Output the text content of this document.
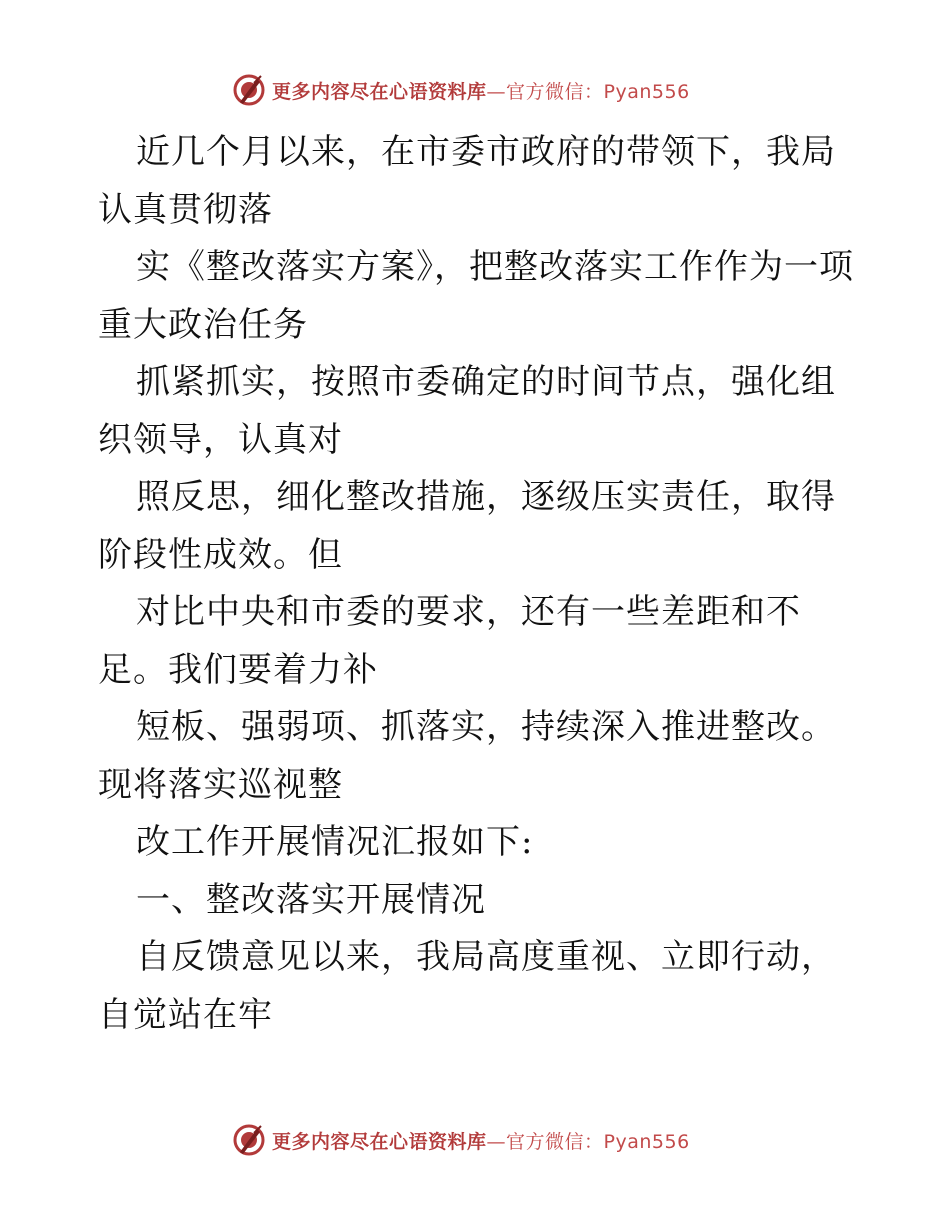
更多内容尽在心语资料库—官方微信：Pyan556

近几个月以来，在市委市政府的带领下，我局认真贯彻落

实《整改落实方案》，把整改落实工作作为一项重大政治任务

抓紧抓实，按照市委确定的时间节点，强化组织领导，认真对

照反思，细化整改措施，逐级压实责任，取得阶段性成效。但

对比中央和市委的要求，还有一些差距和不足。我们要着力补

短板、强弱项、抓落实，持续深入推进整改。现将落实巡视整

改工作开展情况汇报如下:

一、整改落实开展情况

自反馈意见以来，我局高度重视、立即行动，自觉站在牢

更多内容尽在心语资料库—官方微信：Pyan556
